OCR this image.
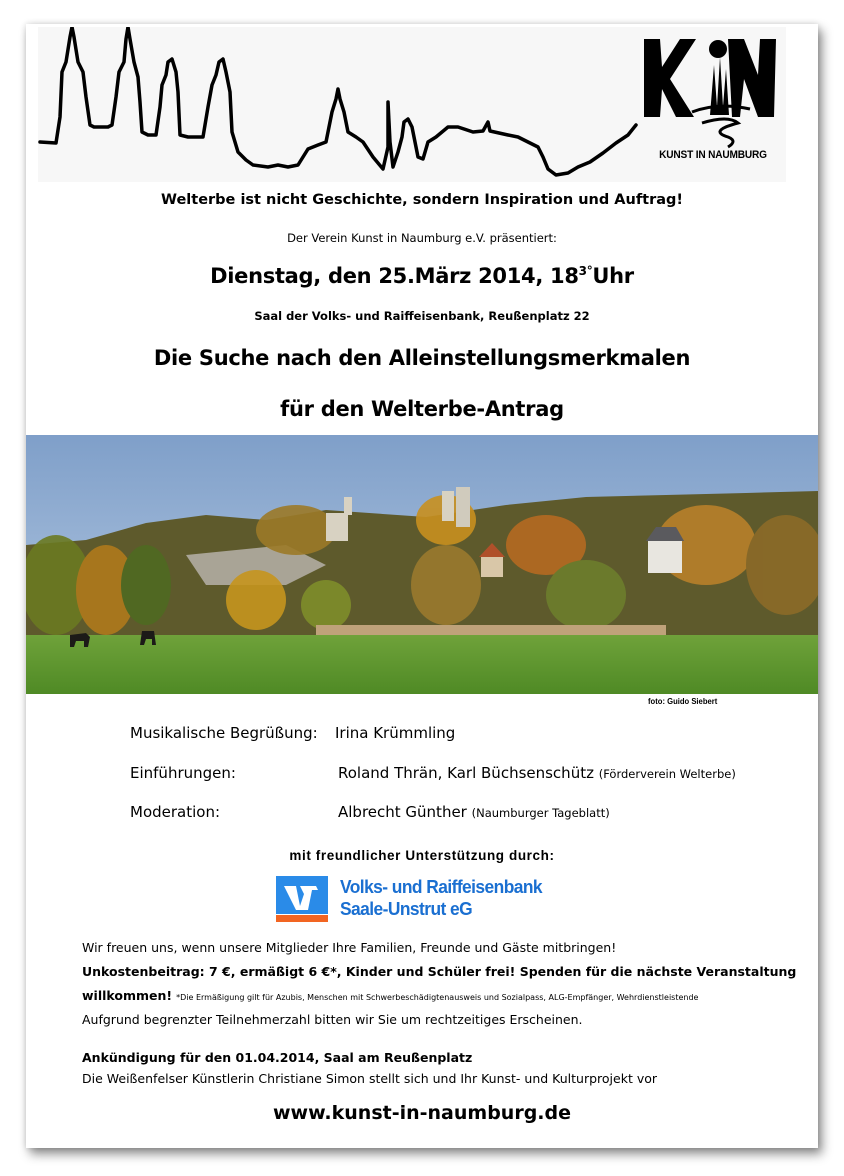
KUNST IN NAUMBURG
Welterbe ist nicht Geschichte, sondern Inspiration und Auftrag!
Der Verein Kunst in Naumburg e.V. präsentiert:
Dienstag, den 25.März 2014, $18^{3^\circ}Uhr$
Saal der Volks- und Raiffeisenbank, Reußenplatz 22
Die Suche nach den Alleinstellungsmerkmalen
für den Welterbe-Antrag
foto: Guido Siebert
Musikalische Begrüßung: Irina Krümmling
Einführungen:	Roland Thrän, Karl Büchsenschütz (Förderverein Welterbe)
Moderation:	Albrecht Günther (Naumburger Tageblatt)
mit freundlicher Unterstützung durch:
Volks- und Raiffeisenbank
Saale-Unstrut eG
Wir freuen uns, wenn unsere Mitglieder Ihre Familien, Freunde und Gäste mitbringen!
Unkostenbeitrag: 7 €, ermäßigt 6 €*, Kinder und Schüler frei! Spenden für die nächste Veranstaltung
willkommen! *Die Ermäßigung gilt für Azubis, Menschen mit Schwerbeschädigtenausweis und Sozialpass, ALG-Empfänger, Wehrdienstleistende
Aufgrund begrenzter Teilnehmerzahl bitten wir Sie um rechtzeitiges Erscheinen.
Ankündigung für den 01.04.2014, Saal am Reußenplatz
Die Weißenfelser Künstlerin Christiane Simon stellt sich und Ihr Kunst- und Kulturprojekt vor
www.kunst-in-naumburg.de
